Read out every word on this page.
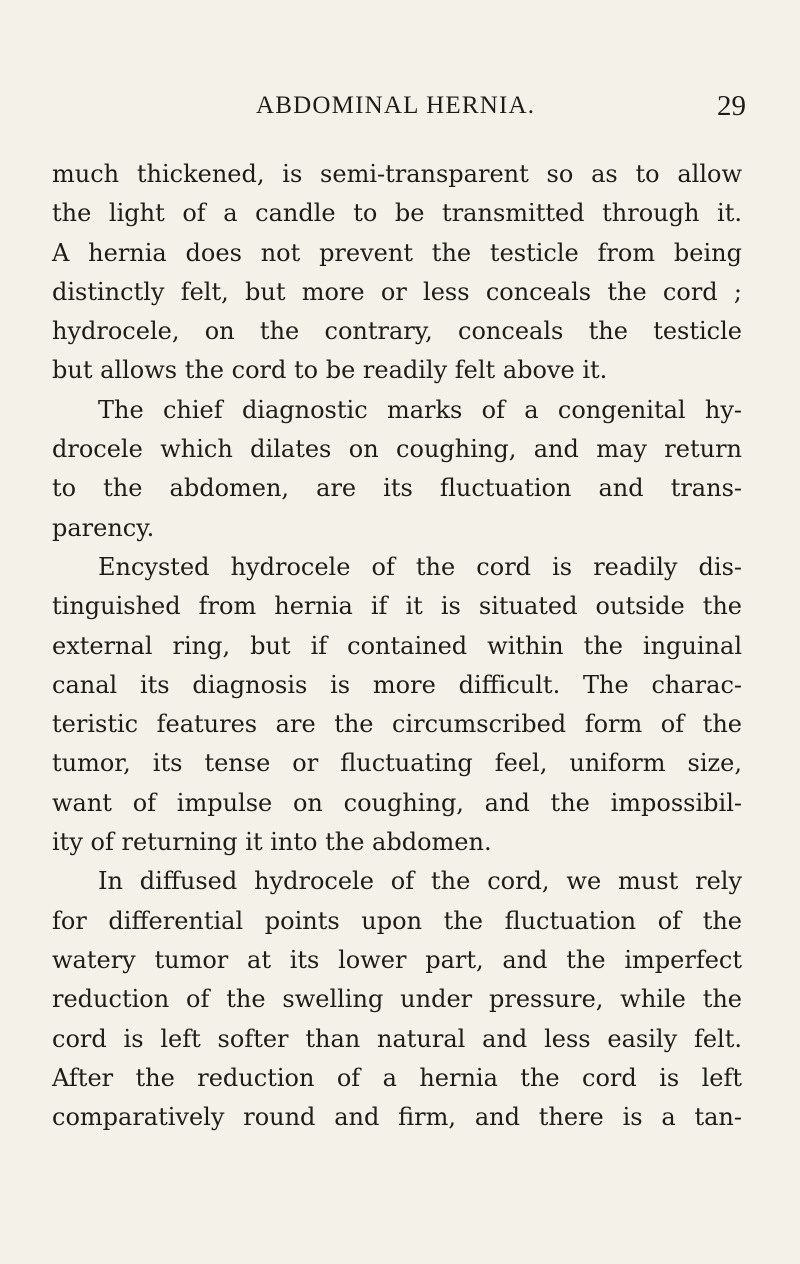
ABDOMINAL HERNIA.	29
much thickened, is semi-transparent so as to allow
the light of a candle to be transmitted through it.
A hernia does not prevent the testicle from being
distinctly felt, but more or less conceals the cord ;
hydrocele, on the contrary, conceals the testicle
but allows the cord to be readily felt above it.
The chief diagnostic marks of a congenital hy-
drocele which dilates on coughing, and may return
to the abdomen, are its fluctuation and trans-
parency.
Encysted hydrocele of the cord is readily dis-
tinguished from hernia if it is situated outside the
external ring, but if contained within the inguinal
canal its diagnosis is more difficult. The charac-
teristic features are the circumscribed form of the
tumor, its tense or fluctuating feel, uniform size,
want of impulse on coughing, and the impossibil-
ity of returning it into the abdomen.
In diffused hydrocele of the cord, we must rely
for differential points upon the fluctuation of the
watery tumor at its lower part, and the imperfect
reduction of the swelling under pressure, while the
cord is left softer than natural and less easily felt.
After the reduction of a hernia the cord is left
comparatively round and firm, and there is a tan-
